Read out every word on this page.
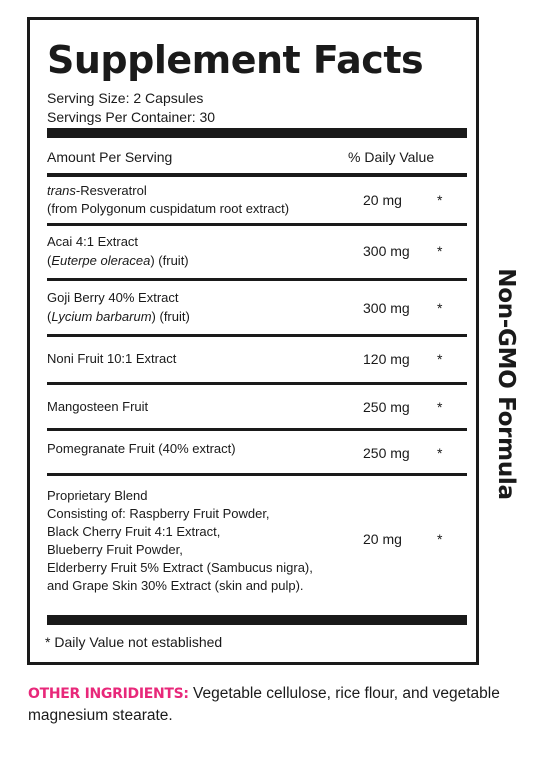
Supplement Facts
Serving Size: 2 Capsules
Servings Per Container: 30
Amount Per Serving	% Daily Value
trans-Resveratrol
(from Polygonum cuspidatum root extract)
20 mg	*
Acai 4:1 Extract
(Euterpe oleracea) (fruit)
300 mg *
Goji Berry 40% Extract
(Lycium barbarum) (fruit)
300 mg *
Noni Fruit 10:1 Extract	120 mg *
Mangosteen Fruit	250 mg *
Pomegranate Fruit (40% extract)	250 mg *
Proprietary Blend
Consisting of: Raspberry Fruit Powder,
Black Cherry Fruit 4:1 Extract,
Blueberry Fruit Powder,
Elderberry Fruit 5% Extract (Sambucus nigra),
and Grape Skin 30% Extract (skin and pulp).
20 mg	*
* Daily Value not established
Non-GMO Formula
OTHER INGRIDIENTS: Vegetable cellulose, rice flour, and vegetable magnesium stearate.
